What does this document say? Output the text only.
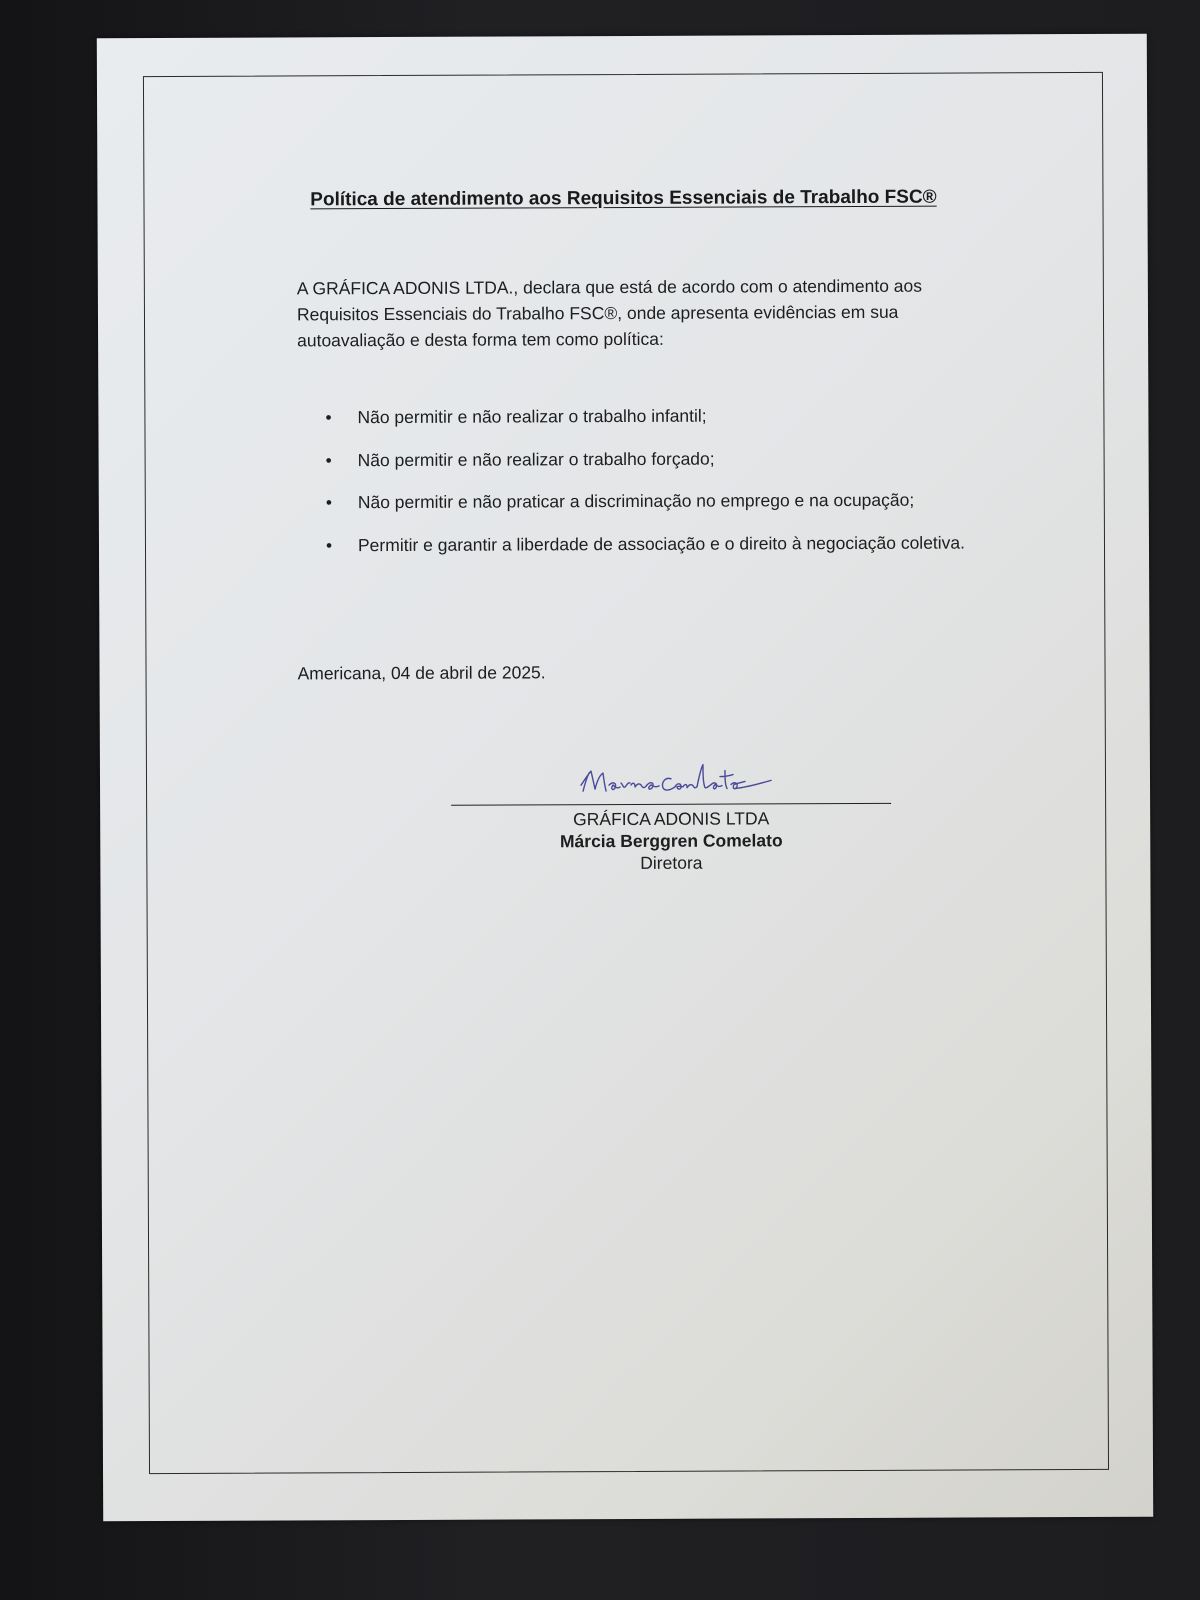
Política de atendimento aos Requisitos Essenciais de Trabalho FSC®

A GRÁFICA ADONIS LTDA., declara que está de acordo com o atendimento aos
Requisitos Essenciais do Trabalho FSC®, onde apresenta evidências em sua
autoavaliação e desta forma tem como política:

• Não permitir e não realizar o trabalho infantil;
• Não permitir e não realizar o trabalho forçado;
• Não permitir e não praticar a discriminação no emprego e na ocupação;
• Permitir e garantir a liberdade de associação e o direito à negociação coletiva.

Americana, 04 de abril de 2025.

GRÁFICA ADONIS LTDA
Márcia Berggren Comelato
Diretora
